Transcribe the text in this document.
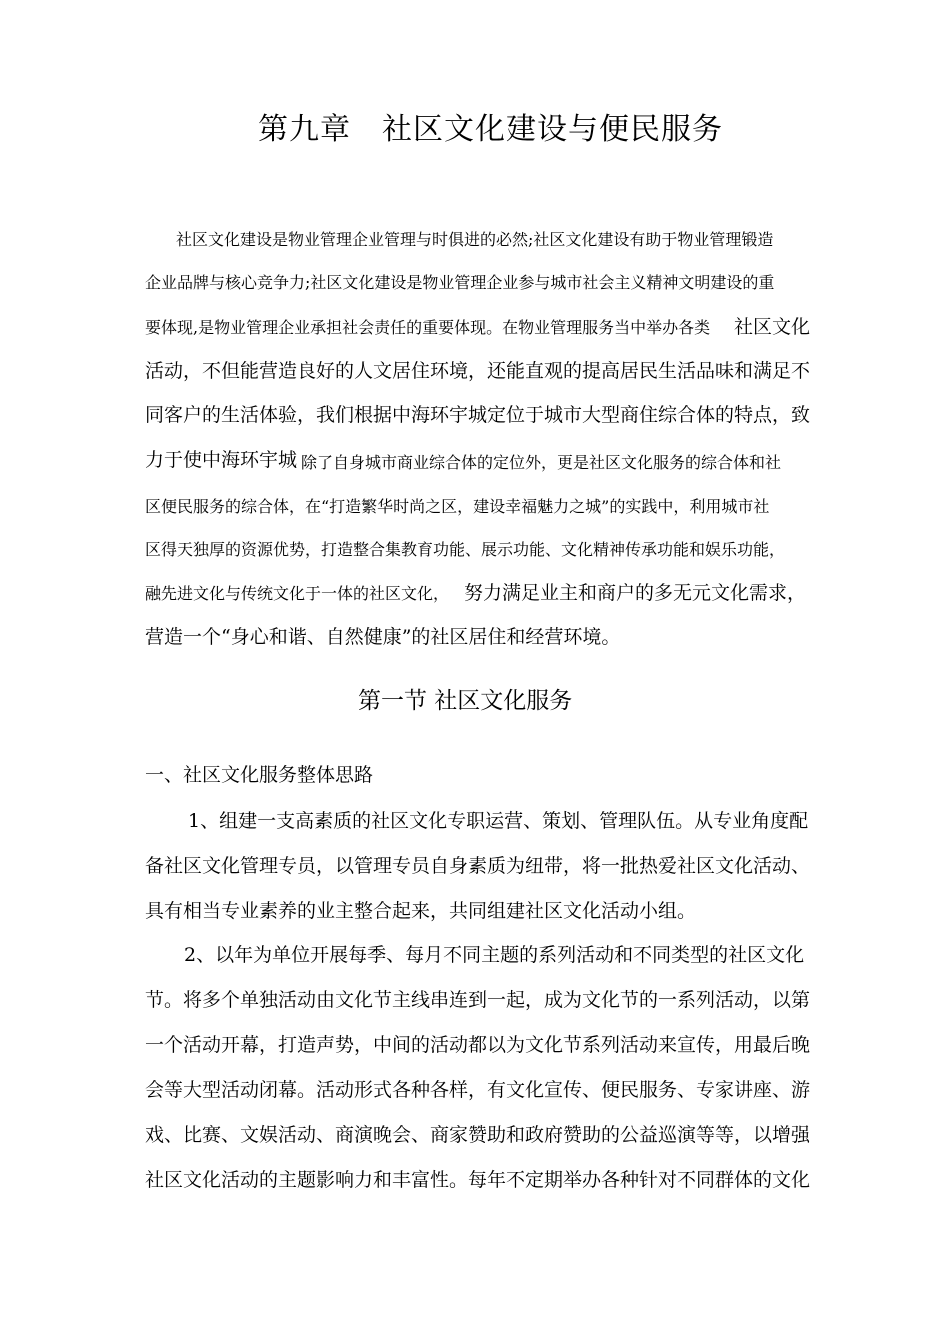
第九章　社区文化建设与便民服务
社区文化建设是物业管理企业管理与时俱进的必然;社区文化建设有助于物业管理锻造
企业品牌与核心竞争力;社区文化建设是物业管理企业参与城市社会主义精神文明建设的重
要体现,是物业管理企业承担社会责任的重要体现。在物业管理服务当中举办各类 社区文化
活动，不但能营造良好的人文居住环境，还能直观的提高居民生活品味和满足不
同客户的生活体验，我们根据中海环宇城定位于城市大型商住综合体的特点，致
力于使中海环宇城 除了自身城市商业综合体的定位外，更是社区文化服务的综合体和社
区便民服务的综合体，在“打造繁华时尚之区，建设幸福魅力之城”的实践中，利用城市社
区得天独厚的资源优势，打造整合集教育功能、展示功能、文化精神传承功能和娱乐功能，
融先进文化与传统文化于一体的社区文化， 努力满足业主和商户的多无元文化需求，
营造一个“身心和谐、自然健康”的社区居住和经营环境。
第一节 社区文化服务
一、社区文化服务整体思路
1、组建一支高素质的社区文化专职运营、策划、管理队伍。从专业角度配
备社区文化管理专员，以管理专员自身素质为纽带，将一批热爱社区文化活动、
具有相当专业素养的业主整合起来，共同组建社区文化活动小组。
2、以年为单位开展每季、每月不同主题的系列活动和不同类型的社区文化
节。将多个单独活动由文化节主线串连到一起，成为文化节的一系列活动，以第
一个活动开幕，打造声势，中间的活动都以为文化节系列活动来宣传，用最后晚
会等大型活动闭幕。活动形式各种各样，有文化宣传、便民服务、专家讲座、游
戏、比赛、文娱活动、商演晚会、商家赞助和政府赞助的公益巡演等等，以增强
社区文化活动的主题影响力和丰富性。每年不定期举办各种针对不同群体的文化
